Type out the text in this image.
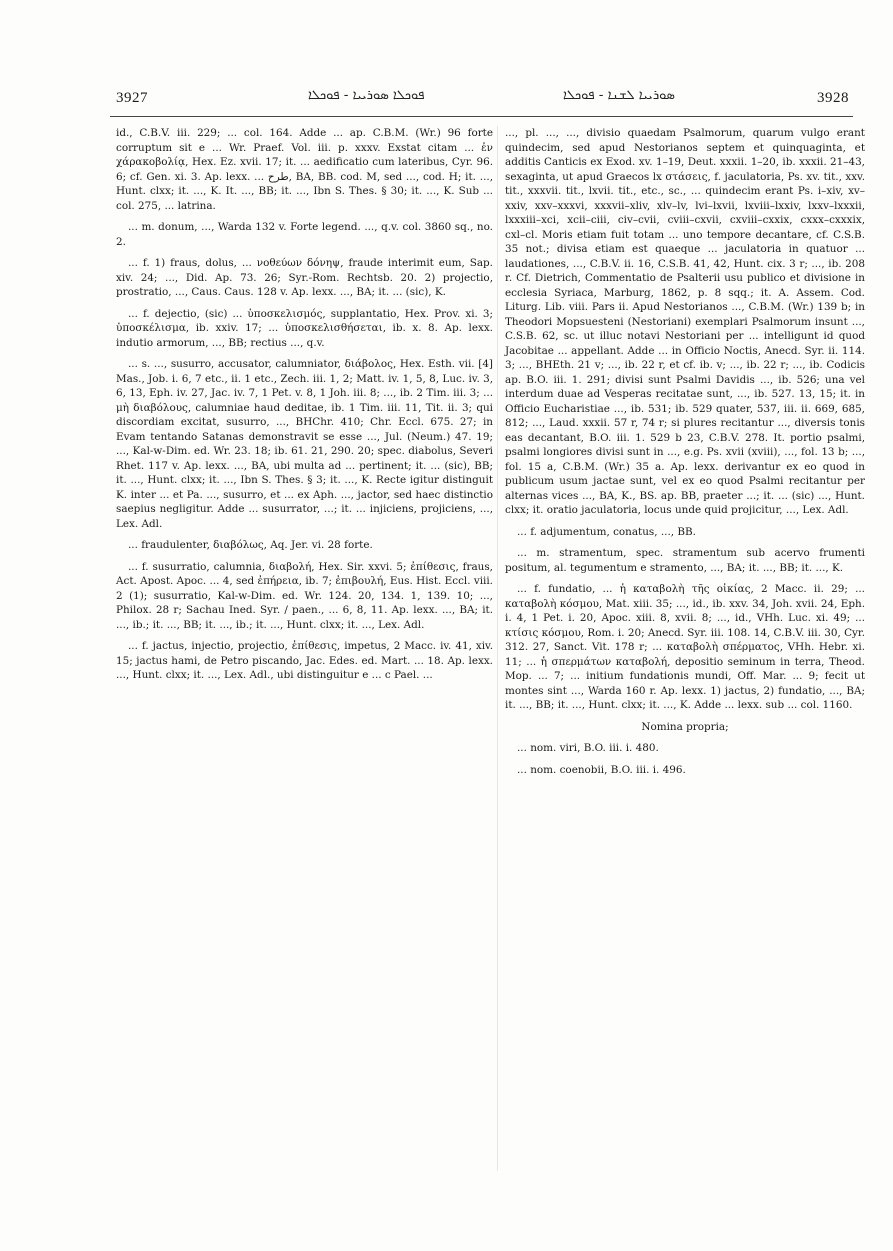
3927	ܦܘܟܠܐ ܣܘܪܝܝܐ - ܦܘܟܠܐ	ܣܘܪܝܝܐ ܠܫܢܐ - ܦܘܟܠܐ	3928

id., C.B.V. iii. 229; ... col. 164. Adde ... ap. C.B.M. (Wr.) 96 forte corruptum sit e ... Wr. Praef. Vol. iii. p. xxxv. Exstat citam ... ἐν χάρακοβολίᾳ, Hex. Ez. xvii. 17; it. ... aedificatio cum lateribus, Cyr. 96. 6; cf. Gen. xi. 3. Ap. lexx. ... طرح, BA, BB. cod. M, sed ..., cod. H; it. ..., Hunt. clxx; it. ..., K. It. ..., BB; it. ..., Ibn S. Thes. § 30; it. ..., K. Sub ... col. 275, ... latrina.

... m. donum, ..., Warda 132 v. Forte legend. ..., q.v. col. 3860 sq., no. 2.

... f. 1) fraus, dolus, ... νοθεύων δόνηψ, fraude interimit eum, Sap. xiv. 24; ..., Did. Ap. 73. 26; Syr.-Rom. Rechtsb. 20. 2) projectio, prostratio, ..., Caus. Caus. 128 v. Ap. lexx. ..., BA; it. ... (sic), K.

... f. dejectio, (sic) ... ὑποσκελισμός, supplantatio, Hex. Prov. xi. 3; ὑποσκέλισμα, ib. xxiv. 17; ... ὑποσκελισθήσεται, ib. x. 8. Ap. lexx. indutio armorum, ..., BB; rectius ..., q.v.

... s. ..., susurro, accusator, calumniator, διάβολος, Hex. Esth. vii. [4] Mas., Job. i. 6, 7 etc., ii. 1 etc., Zech. iii. 1, 2; Matt. iv. 1, 5, 8, Luc. iv. 3, 6, 13, Eph. iv. 27, Jac. iv. 7, 1 Pet. v. 8, 1 Joh. iii. 8; ..., ib. 2 Tim. iii. 3; ... μὴ διαβόλους, calumniae haud deditae, ib. 1 Tim. iii. 11, Tit. ii. 3; qui discordiam excitat, susurro, ..., BHChr. 410; Chr. Eccl. 675. 27; in Evam tentando Satanas demonstravit se esse ..., Jul. (Neum.) 47. 19; ..., Kal-w-Dim. ed. Wr. 23. 18; ib. 61. 21, 290. 20; spec. diabolus, Severi Rhet. 117 v. Ap. lexx. ..., BA, ubi multa ad ... pertinent; it. ... (sic), BB; it. ..., Hunt. clxx; it. ..., Ibn S. Thes. § 3; it. ..., K. Recte igitur distinguit K. inter ... et Pa. ..., susurro, et ... ex Aph. ..., jactor, sed haec distinctio saepius negligitur. Adde ... susurrator, ...; it. ... injiciens, projiciens, ..., Lex. Adl.

... fraudulenter, διαβόλως, Aq. Jer. vi. 28 forte.

... f. susurratio, calumnia, διαβολή, Hex. Sir. xxvi. 5; ἐπίθεσις, fraus, Act. Apost. Apoc. ... 4, sed ἐπήρεια, ib. 7; ἐπιβουλή, Eus. Hist. Eccl. viii. 2 (1); susurratio, Kal-w-Dim. ed. Wr. 124. 20, 134. 1, 139. 10; ..., Philox. 28 r; Sachau Ined. Syr. / paen., ... 6, 8, 11. Ap. lexx. ..., BA; it. ..., ib.; it. ..., BB; it. ..., ib.; it. ..., Hunt. clxx; it. ..., Lex. Adl.

... f. jactus, injectio, projectio, ἐπίθεσις, impetus, 2 Macc. iv. 41, xiv. 15; jactus hami, de Petro piscando, Jac. Edes. ed. Mart. ... 18. Ap. lexx. ..., Hunt. clxx; it. ..., Lex. Adl., ubi distinguitur e ... c Pael. ...

..., pl. ..., ..., divisio quaedam Psalmorum, quarum vulgo erant quindecim, sed apud Nestorianos septem et quinquaginta, et additis Canticis ex Exod. xv. 1–19, Deut. xxxii. 1–20, ib. xxxii. 21–43, sexaginta, ut apud Graecos lx στάσεις, f. jaculatoria, Ps. xv. tit., xxv. tit., xxxvii. tit., lxvii. tit., etc., sc., ... quindecim erant Ps. i–xiv, xv–xxiv, xxv–xxxvi, xxxvii–xliv, xlv–lv, lvi–lxvii, lxviii–lxxiv, lxxv–lxxxii, lxxxiii–xci, xcii–ciii, civ–cvii, cviii–cxvii, cxviii–cxxix, cxxx–cxxxix, cxl–cl. Moris etiam fuit totam ... uno tempore decantare, cf. C.S.B. 35 not.; divisa etiam est quaeque ... jaculatoria in quatuor ... laudationes, ..., C.B.V. ii. 16, C.S.B. 41, 42, Hunt. cix. 3 r; ..., ib. 208 r. Cf. Dietrich, Commentatio de Psalterii usu publico et divisione in ecclesia Syriaca, Marburg, 1862, p. 8 sqq.; it. A. Assem. Cod. Liturg. Lib. viii. Pars ii. Apud Nestorianos ..., C.B.M. (Wr.) 139 b; in Theodori Mopsuesteni (Nestoriani) exemplari Psalmorum insunt ..., C.S.B. 62, sc. ut illuc notavi Nestoriani per ... intelligunt id quod Jacobitae ... appellant. Adde ... in Officio Noctis, Anecd. Syr. ii. 114. 3; ..., BHEth. 21 v; ..., ib. 22 r, et cf. ib. v; ..., ib. 22 r; ..., ib. Codicis ap. B.O. iii. 1. 291; divisi sunt Psalmi Davidis ..., ib. 526; una vel interdum duae ad Vesperas recitatae sunt, ..., ib. 527. 13, 15; it. in Officio Eucharistiae ..., ib. 531; ib. 529 quater, 537, iii. ii. 669, 685, 812; ..., Laud. xxxii. 57 r, 74 r; si plures recitantur ..., diversis tonis eas decantant, B.O. iii. 1. 529 b 23, C.B.V. 278. It. portio psalmi, psalmi longiores divisi sunt in ..., e.g. Ps. xvii (xviii), ..., fol. 13 b; ..., fol. 15 a, C.B.M. (Wr.) 35 a. Ap. lexx. derivantur ex eo quod in publicum usum jactae sunt, vel ex eo quod Psalmi recitantur per alternas vices ..., BA, K., BS. ap. BB, praeter ...; it. ... (sic) ..., Hunt. clxx; it. oratio jaculatoria, locus unde quid projicitur, ..., Lex. Adl.

... f. adjumentum, conatus, ..., BB.

... m. stramentum, spec. stramentum sub acervo frumenti positum, al. tegumentum e stramento, ..., BA; it. ..., BB; it. ..., K.

... f. fundatio, ... ἡ καταβολὴ τῆς οἰκίας, 2 Macc. ii. 29; ... καταβολὴ κόσμου, Mat. xiii. 35; ..., id., ib. xxv. 34, Joh. xvii. 24, Eph. i. 4, 1 Pet. i. 20, Apoc. xiii. 8, xvii. 8; ..., id., VHh. Luc. xi. 49; ... κτίσις κόσμου, Rom. i. 20; Anecd. Syr. iii. 108. 14, C.B.V. iii. 30, Cyr. 312. 27, Sanct. Vit. 178 r; ... καταβολὴ σπέρματος, VHh. Hebr. xi. 11; ... ἡ σπερμάτων καταβολή, depositio seminum in terra, Theod. Mop. ... 7; ... initium fundationis mundi, Off. Mar. ... 9; fecit ut montes sint ..., Warda 160 r. Ap. lexx. 1) jactus, 2) fundatio, ..., BA; it. ..., BB; it. ..., Hunt. clxx; it. ..., K. Adde ... lexx. sub ... col. 1160.

Nomina propria;

... nom. viri, B.O. iii. i. 480.

... nom. coenobii, B.O. iii. i. 496.
